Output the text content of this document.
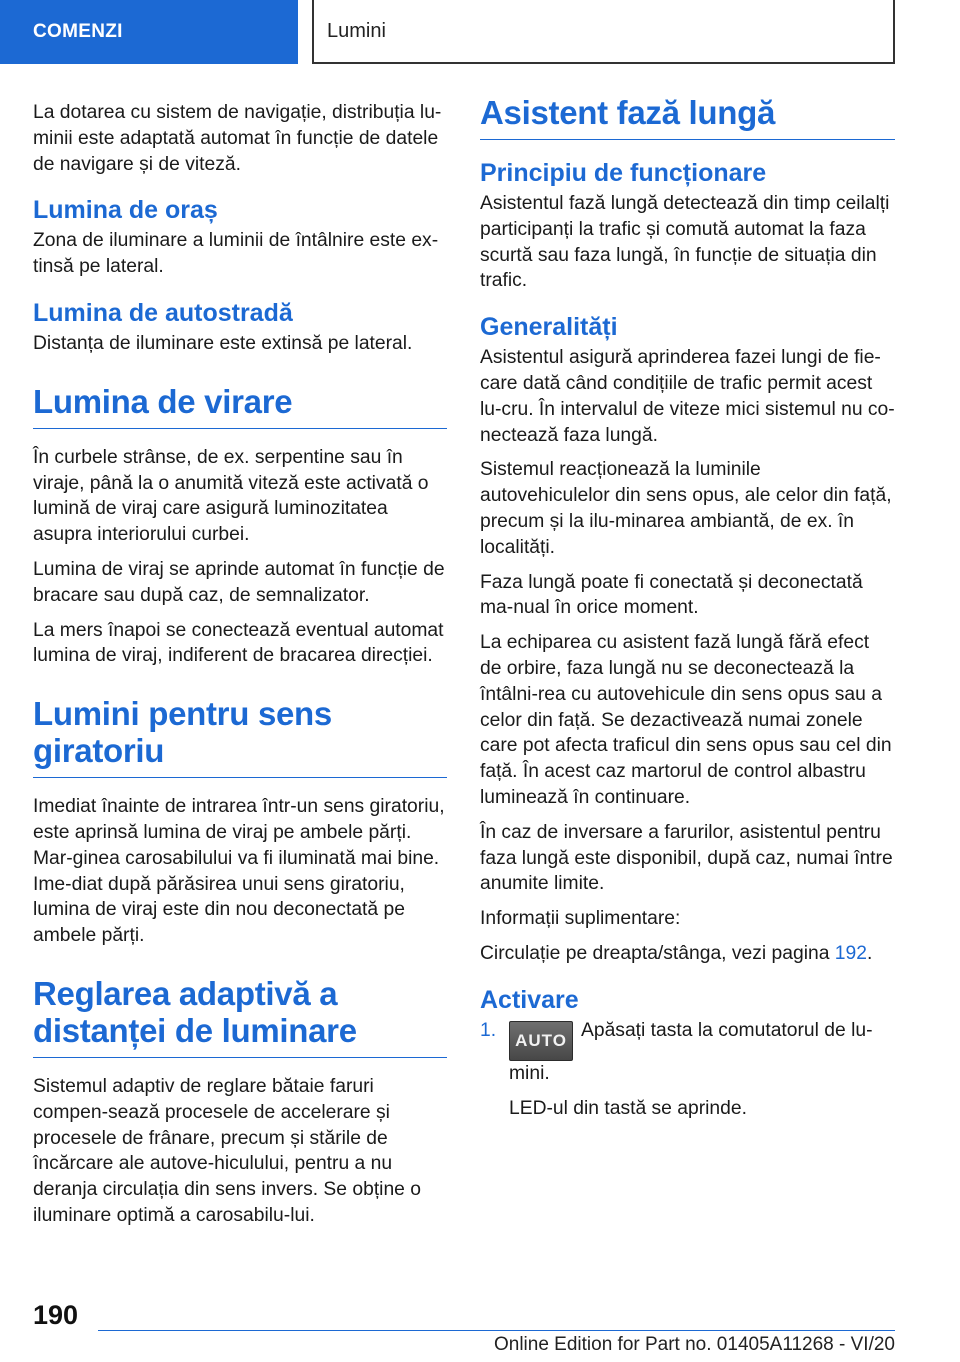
COMENZI	Lumini

La dotarea cu sistem de navigație, distribuția lu-minii este adaptată automat în funcție de datele de navigare și de viteză.

Lumina de oraș

Zona de iluminare a luminii de întâlnire este ex-tinsă pe lateral.

Lumina de autostradă

Distanța de iluminare este extinsă pe lateral.

Lumina de virare

În curbele strânse, de ex. serpentine sau în viraje, până la o anumită viteză este activată o lumină de viraj care asigură luminozitatea asupra interiorului curbei.

Lumina de viraj se aprinde automat în funcție de bracare sau după caz, de semnalizator.

La mers înapoi se conectează eventual automat lumina de viraj, indiferent de bracarea direcției.

Lumini pentru sens giratoriu

Imediat înainte de intrarea într-un sens giratoriu, este aprinsă lumina de viraj pe ambele părți. Mar-ginea carosabilului va fi iluminată mai bine. Ime-diat după părăsirea unui sens giratoriu, lumina de viraj este din nou deconectată pe ambele părți.

Reglarea adaptivă a distanței de luminare

Sistemul adaptiv de reglare bătaie faruri compen-sează procesele de accelerare și procesele de frânare, precum și stările de încărcare ale autove-hiculului, pentru a nu deranja circulația din sens invers. Se obține o iluminare optimă a carosabilu-lui.

Asistent fază lungă
Principiu de funcționare

Asistentul fază lungă detectează din timp ceilalți participanți la trafic și comută automat la faza scurtă sau faza lungă, în funcție de situația din trafic.

Generalități

Asistentul asigură aprinderea fazei lungi de fie-care dată când condițiile de trafic permit acest lu-cru. În intervalul de viteze mici sistemul nu co-nectează faza lungă.

Sistemul reacționează la luminile autovehiculelor din sens opus, ale celor din față, precum și la ilu-minarea ambiantă, de ex. în localități.

Faza lungă poate fi conectată și deconectată ma-nual în orice moment.

La echiparea cu asistent fază lungă fără efect de orbire, faza lungă nu se deconectează la întâlni-rea cu autovehicule din sens opus sau a celor din față. Se dezactivează numai zonele care pot afecta traficul din sens opus sau cel din față. În acest caz martorul de control albastru luminează în continuare.

În caz de inversare a farurilor, asistentul pentru faza lungă este disponibil, după caz, numai între anumite limite.

Informații suplimentare:

Circulație pe dreapta/stânga, vezi pagina 192.

Activare
1.	AUTO Apăsați tasta la comutatorul de lu-mini.

LED-ul din tastă se aprinde.

190
Online Edition for Part no. 01405A11268 - VI/20
